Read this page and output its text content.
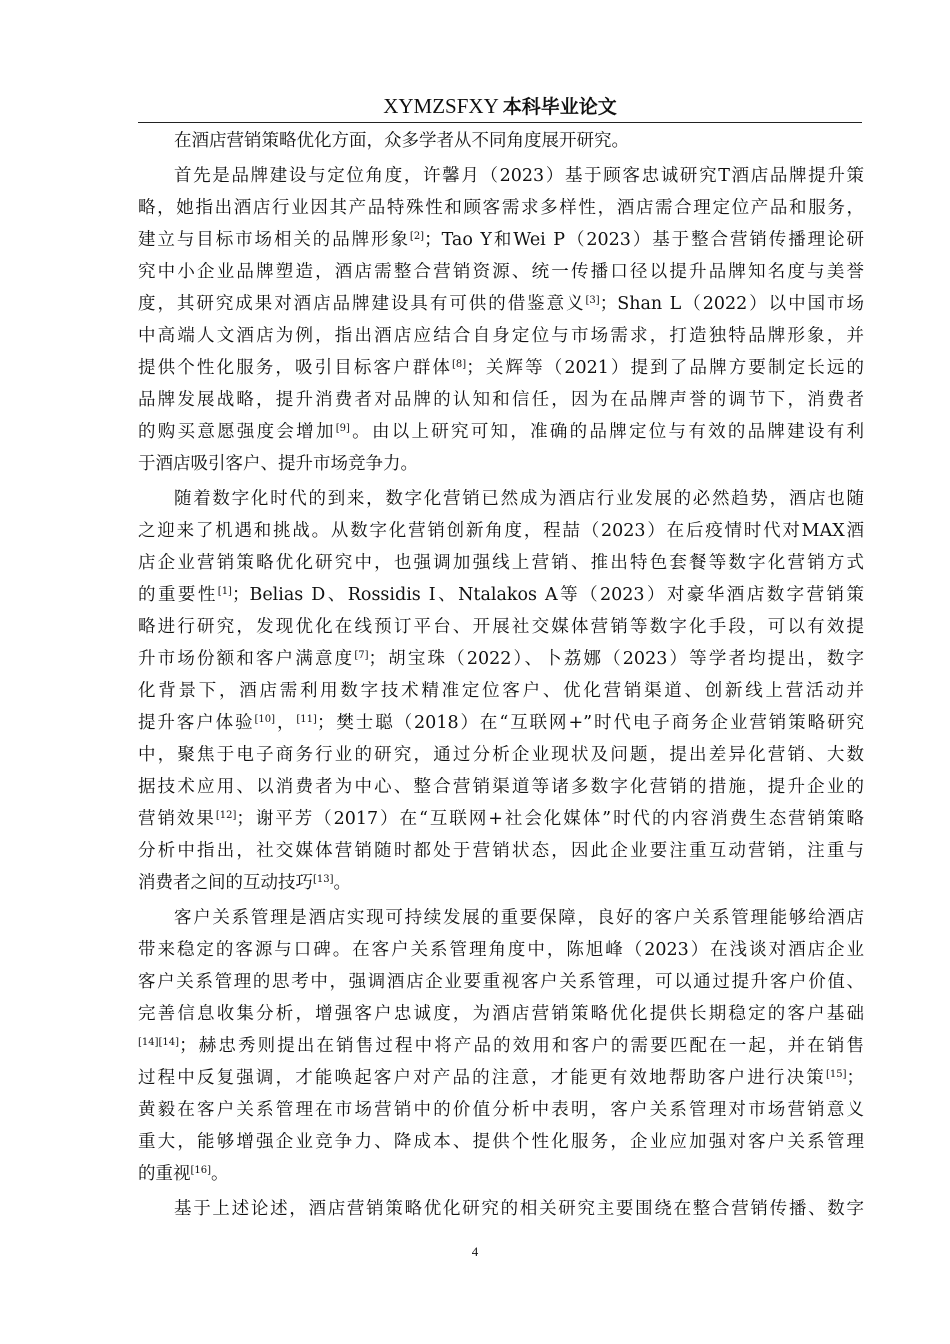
XYMZSFXY 本科毕业论文
在酒店营销策略优化方面，众多学者从不同角度展开研究。
首先是品牌建设与定位角度，许馨月（2023）基于顾客忠诚研究T酒店品牌提升策
略，她指出酒店行业因其产品特殊性和顾客需求多样性，酒店需合理定位产品和服务，
建立与目标市场相关的品牌形象[2]；Tao Y和Wei P（2023）基于整合营销传播理论研
究中小企业品牌塑造，酒店需整合营销资源、统一传播口径以提升品牌知名度与美誉
度，其研究成果对酒店品牌建设具有可供的借鉴意义[3]；Shan L（2022）以中国市场
中高端人文酒店为例，指出酒店应结合自身定位与市场需求，打造独特品牌形象，并
提供个性化服务，吸引目标客户群体[8]；关辉等（2021）提到了品牌方要制定长远的
品牌发展战略，提升消费者对品牌的认知和信任，因为在品牌声誉的调节下，消费者
的购买意愿强度会增加[9]。由以上研究可知，准确的品牌定位与有效的品牌建设有利
于酒店吸引客户、提升市场竞争力。
随着数字化时代的到来，数字化营销已然成为酒店行业发展的必然趋势，酒店也随
之迎来了机遇和挑战。从数字化营销创新角度，程喆（2023）在后疫情时代对MAX酒
店企业营销策略优化研究中，也强调加强线上营销、推出特色套餐等数字化营销方式
的重要性[1]；Belias D、Rossidis I、Ntalakos A等（2023）对豪华酒店数字营销策
略进行研究，发现优化在线预订平台、开展社交媒体营销等数字化手段，可以有效提
升市场份额和客户满意度[7]；胡宝珠（2022）、卜荔娜（2023）等学者均提出，数字
化背景下，酒店需利用数字技术精准定位客户、优化营销渠道、创新线上营活动并
提升客户体验[10]，[11]；樊士聪（2018）在“互联网+”时代电子商务企业营销策略研究
中，聚焦于电子商务行业的研究，通过分析企业现状及问题，提出差异化营销、大数
据技术应用、以消费者为中心、整合营销渠道等诸多数字化营销的措施，提升企业的
营销效果[12]；谢平芳（2017）在“互联网+社会化媒体”时代的内容消费生态营销策略
分析中指出，社交媒体营销随时都处于营销状态，因此企业要注重互动营销，注重与
消费者之间的互动技巧[13]。
客户关系管理是酒店实现可持续发展的重要保障，良好的客户关系管理能够给酒店
带来稳定的客源与口碑。在客户关系管理角度中，陈旭峰（2023）在浅谈对酒店企业
客户关系管理的思考中，强调酒店企业要重视客户关系管理，可以通过提升客户价值、
完善信息收集分析，增强客户忠诚度，为酒店营销策略优化提供长期稳定的客户基础
[14][14]；赫忠秀则提出在销售过程中将产品的效用和客户的需要匹配在一起，并在销售
过程中反复强调，才能唤起客户对产品的注意，才能更有效地帮助客户进行决策[15]；
黄毅在客户关系管理在市场营销中的价值分析中表明，客户关系管理对市场营销意义
重大，能够增强企业竞争力、降成本、提供个性化服务，企业应加强对客户关系管理
的重视[16]。
基于上述论述，酒店营销策略优化研究的相关研究主要围绕在整合营销传播、数字
4
